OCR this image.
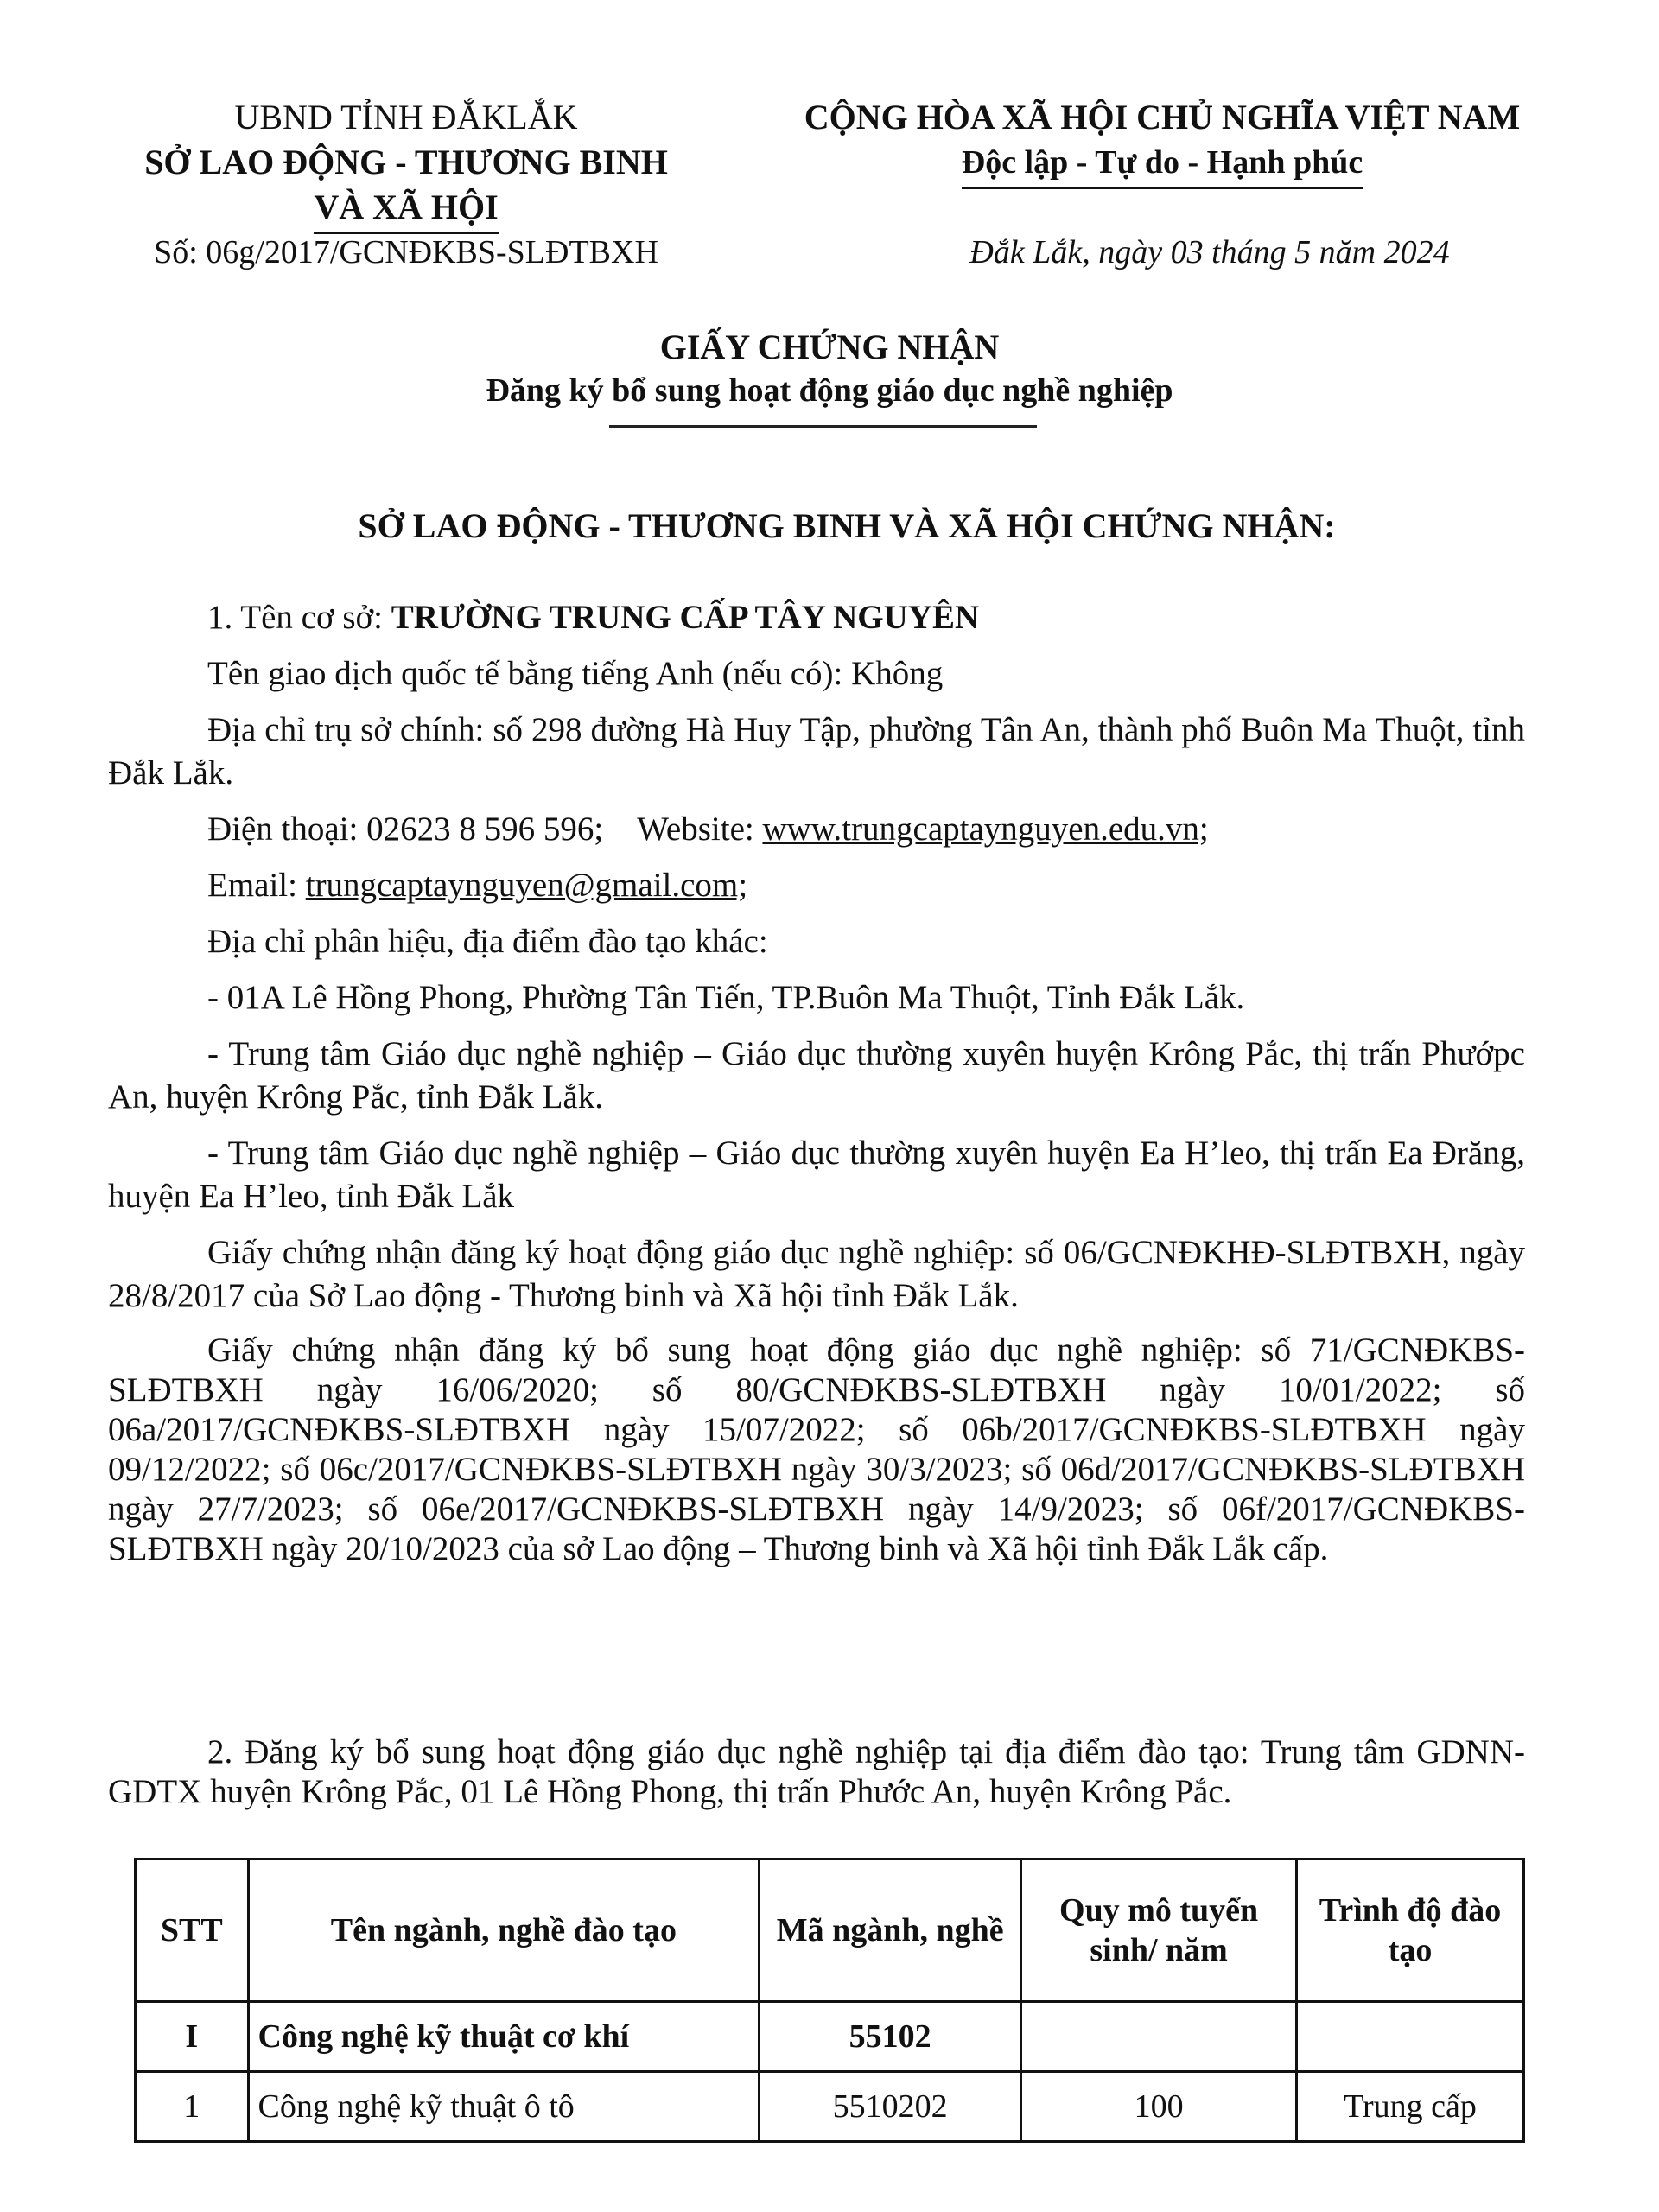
UBND TỈNH ĐẮKLẮK
SỞ LAO ĐỘNG - THƯƠNG BINH
VÀ XÃ HỘI
Số: 06g/2017/GCNĐKBS-SLĐTBXH
CỘNG HÒA XÃ HỘI CHỦ NGHĨA VIỆT NAM
Độc lập - Tự do - Hạnh phúc
Đắk Lắk, ngày 03 tháng 5 năm 2024
GIẤY CHỨNG NHẬN
Đăng ký bổ sung hoạt động giáo dục nghề nghiệp
SỞ LAO ĐỘNG - THƯƠNG BINH VÀ XÃ HỘI CHỨNG NHẬN:

1. Tên cơ sở: TRƯỜNG TRUNG CẤP TÂY NGUYÊN

Tên giao dịch quốc tế bằng tiếng Anh (nếu có): Không

Địa chỉ trụ sở chính: số 298 đường Hà Huy Tập, phường Tân An, thành phố Buôn Ma Thuột, tỉnh Đắk Lắk.

Điện thoại: 02623 8 596 596; Website: www.trungcaptaynguyen.edu.vn;

Email: trungcaptaynguyen@gmail.com;

Địa chỉ phân hiệu, địa điểm đào tạo khác:

- 01A Lê Hồng Phong, Phường Tân Tiến, TP.Buôn Ma Thuột, Tỉnh Đắk Lắk.

- Trung tâm Giáo dục nghề nghiệp – Giáo dục thường xuyên huyện Krông Pắc, thị trấn Phướpc An, huyện Krông Pắc, tỉnh Đắk Lắk.

- Trung tâm Giáo dục nghề nghiệp – Giáo dục thường xuyên huyện Ea H’leo, thị trấn Ea Đrăng, huyện Ea H’leo, tỉnh Đắk Lắk

Giấy chứng nhận đăng ký hoạt động giáo dục nghề nghiệp: số 06/GCNĐKHĐ-SLĐTBXH, ngày 28/8/2017 của Sở Lao động - Thương binh và Xã hội tỉnh Đắk Lắk.

Giấy chứng nhận đăng ký bổ sung hoạt động giáo dục nghề nghiệp: số 71/GCNĐKBS-SLĐTBXH ngày 16/06/2020; số 80/GCNĐKBS-SLĐTBXH ngày 10/01/2022; số 06a/2017/GCNĐKBS-SLĐTBXH ngày 15/07/2022; số 06b/2017/GCNĐKBS-SLĐTBXH ngày 09/12/2022; số 06c/2017/GCNĐKBS-SLĐTBXH ngày 30/3/2023; số 06d/2017/GCNĐKBS-SLĐTBXH ngày 27/7/2023; số 06e/2017/GCNĐKBS-SLĐTBXH ngày 14/9/2023; số 06f/2017/GCNĐKBS-SLĐTBXH ngày 20/10/2023 của sở Lao động – Thương binh và Xã hội tỉnh Đắk Lắk cấp.

2. Đăng ký bổ sung hoạt động giáo dục nghề nghiệp tại địa điểm đào tạo: Trung tâm GDNN-GDTX huyện Krông Pắc, 01 Lê Hồng Phong, thị trấn Phước An, huyện Krông Pắc.

STT	Tên ngành, nghề đào tạo	Mã ngành, nghề	Quy mô tuyển sinh/ năm	Trình độ đào tạo
I	Công nghệ kỹ thuật cơ khí	55102		
1	Công nghệ kỹ thuật ô tô	5510202	100	Trung cấp
